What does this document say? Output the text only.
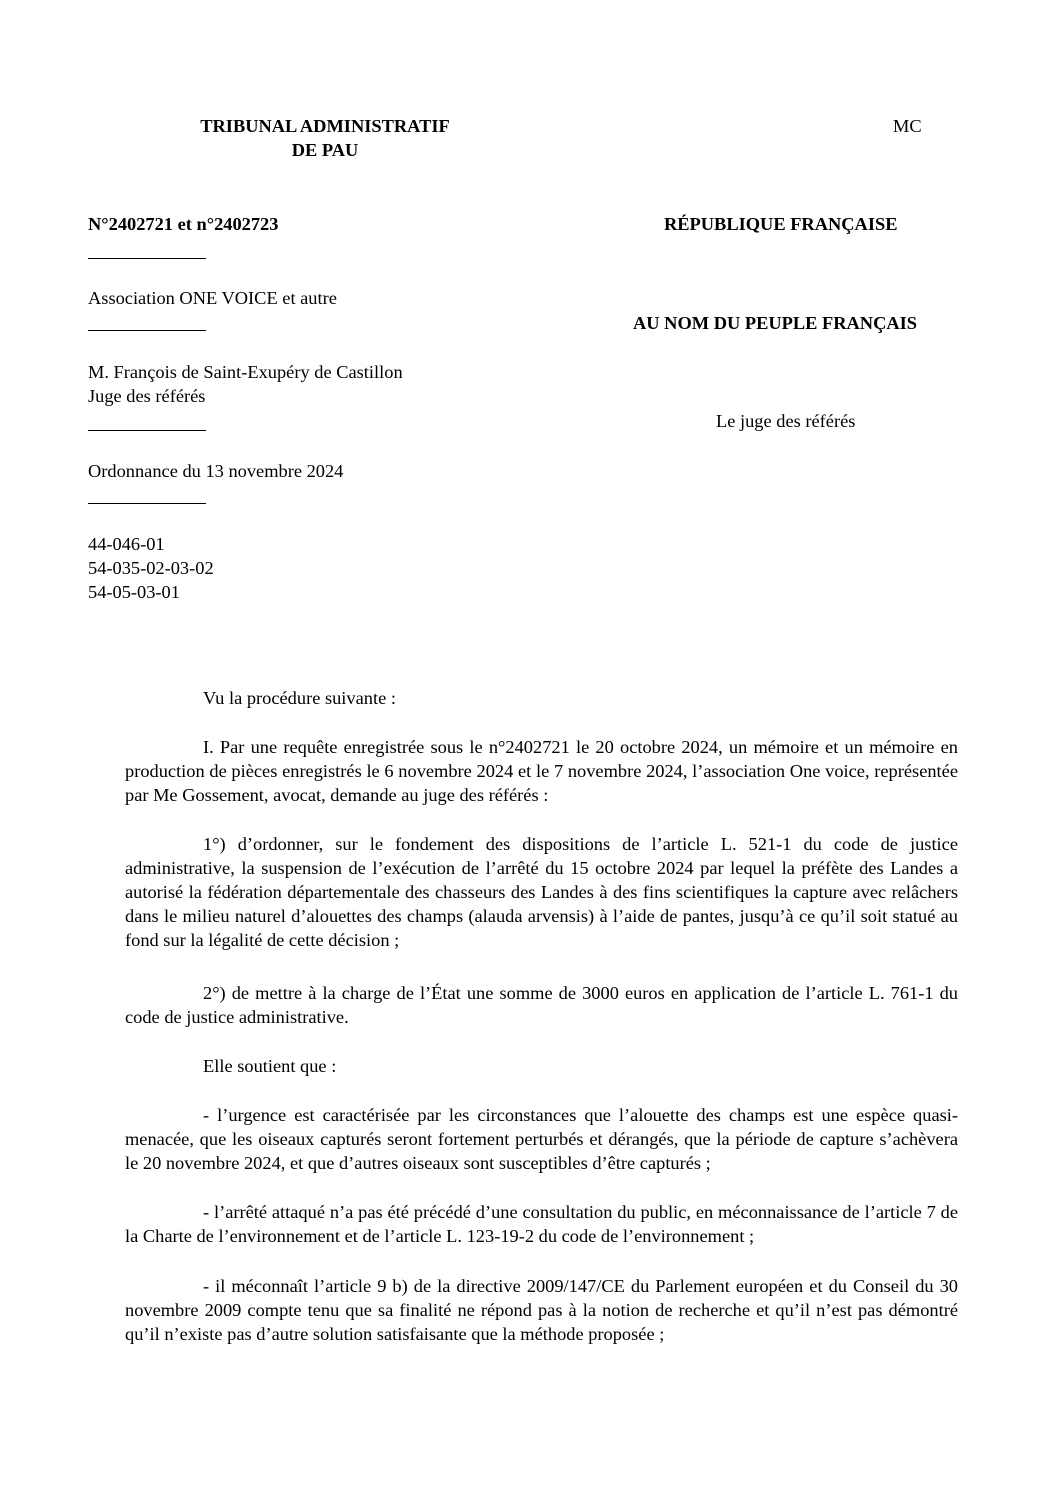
TRIBUNAL ADMINISTRATIF
DE PAU
MC
N°2402721 et n°2402723	RÉPUBLIQUE FRANÇAISE
Association ONE VOICE et autre
AU NOM DU PEUPLE FRANÇAIS
M. François de Saint-Exupéry de Castillon
Juge des référés
Le juge des référés
Ordonnance du 13 novembre 2024
44-046-01
54-035-02-03-02
54-05-03-01
Vu la procédure suivante :

I. Par une requête enregistrée sous le n°2402721 le 20 octobre 2024, un mémoire et un mémoire en production de pièces enregistrés le 6 novembre 2024 et le 7 novembre 2024, l’association One voice, représentée par Me Gossement, avocat, demande au juge des référés :

1°) d’ordonner, sur le fondement des dispositions de l’article L. 521-1 du code de justice administrative, la suspension de l’exécution de l’arrêté du 15 octobre 2024 par lequel la préfète des Landes a autorisé la fédération départementale des chasseurs des Landes à des fins scientifiques la capture avec relâchers dans le milieu naturel d’alouettes des champs (alauda arvensis) à l’aide de pantes, jusqu’à ce qu’il soit statué au fond sur la légalité de cette décision ;

2°) de mettre à la charge de l’État une somme de 3000 euros en application de l’article L. 761-1 du code de justice administrative.

Elle soutient que :

- l’urgence est caractérisée par les circonstances que l’alouette des champs est une espèce quasi-menacée, que les oiseaux capturés seront fortement perturbés et dérangés, que la période de capture s’achèvera le 20 novembre 2024, et que d’autres oiseaux sont susceptibles d’être capturés ;

- l’arrêté attaqué n’a pas été précédé d’une consultation du public, en méconnaissance de l’article 7 de la Charte de l’environnement et de l’article L. 123-19-2 du code de l’environnement ;

- il méconnaît l’article 9 b) de la directive 2009/147/CE du Parlement européen et du Conseil du 30 novembre 2009 compte tenu que sa finalité ne répond pas à la notion de recherche et qu’il n’est pas démontré qu’il n’existe pas d’autre solution satisfaisante que la méthode proposée ;
